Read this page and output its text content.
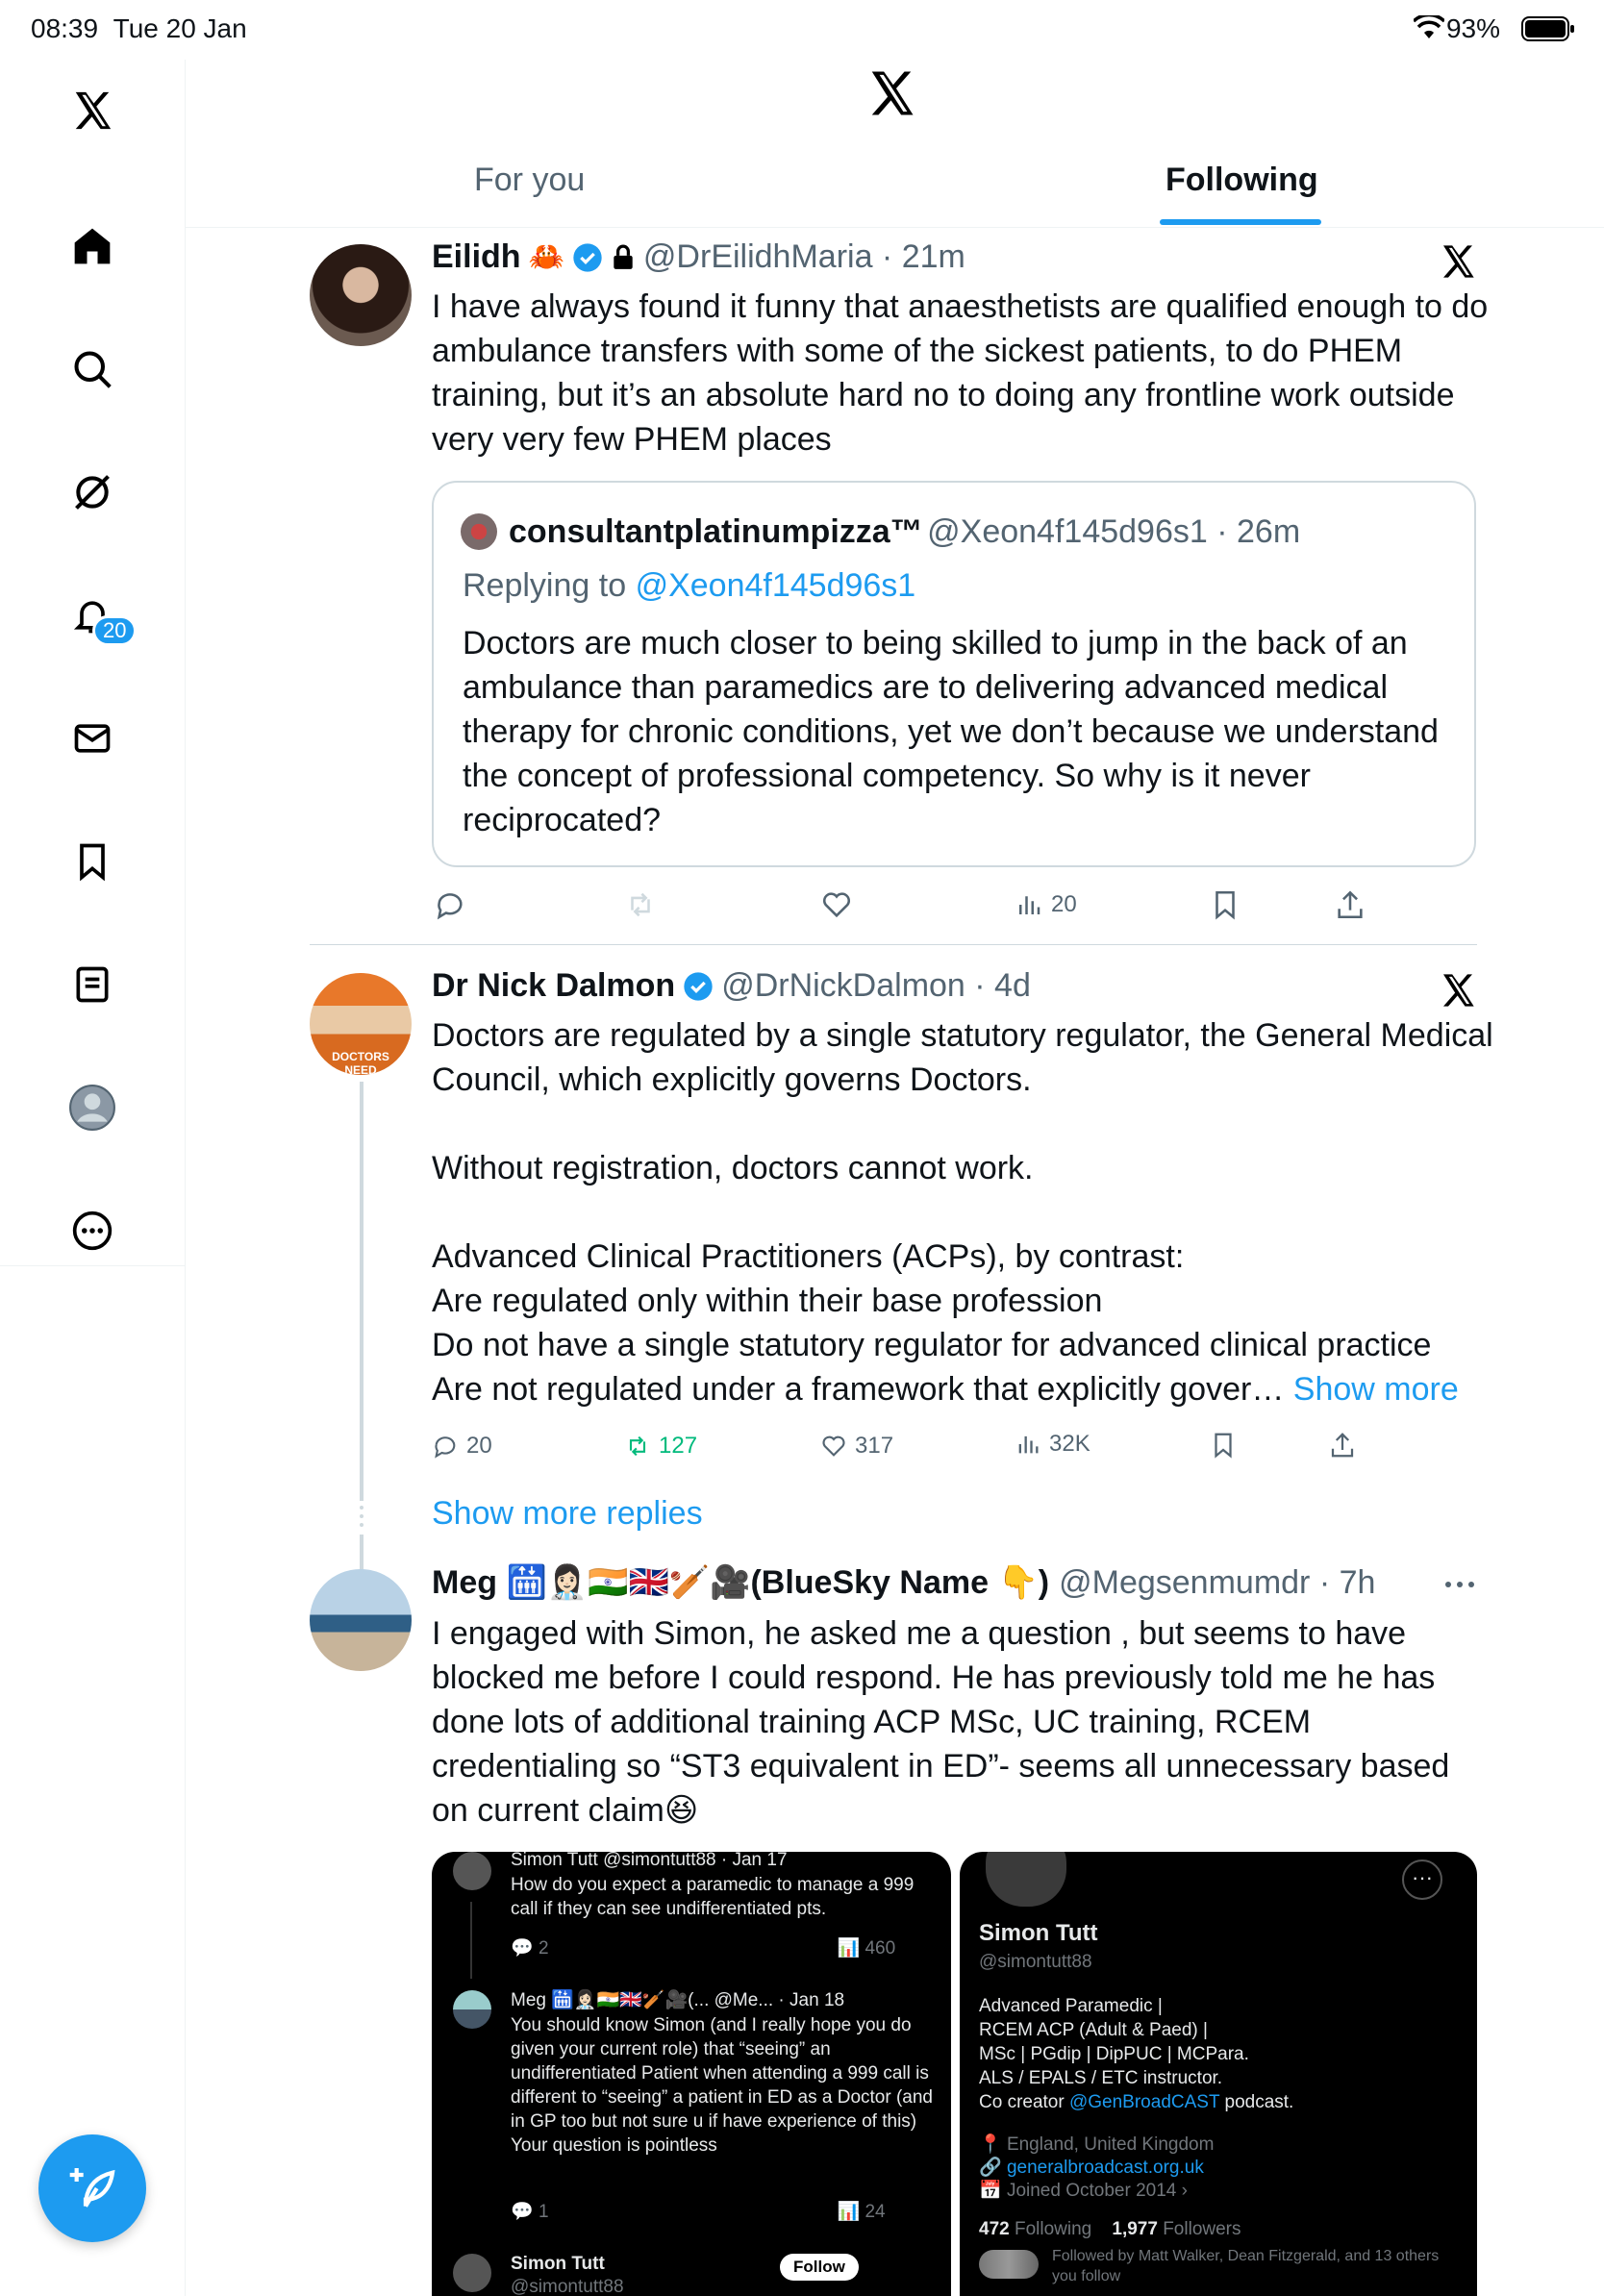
08:39 Tue 20 Jan	93%
20
For you	Following
Eilidh 🦀 @DrEilidhMaria · 21m
I have always found it funny that anaesthetists are qualified enough to do ambulance transfers with some of the sickest patients, to do PHEM training, but it’s an absolute hard no to doing any frontline work outside very very few PHEM places
consultantplatinumpizza™ @Xeon4f145d96s1 · 26m
Replying to @Xeon4f145d96s1
Doctors are much closer to being skilled to jump in the back of an ambulance than paramedics are to delivering advanced medical therapy for chronic conditions, yet we don’t because we understand the concept of professional competency. So why is it never reciprocated?
20
DOCTORS NEED
Dr Nick Dalmon @DrNickDalmon · 4d
Doctors are regulated by a single statutory regulator, the General Medical Council, which explicitly governs Doctors.

Without registration, doctors cannot work.

Advanced Clinical Practitioners (ACPs), by contrast:
Are regulated only within their base profession
Do not have a single statutory regulator for advanced clinical practice
Are not regulated under a framework that explicitly gover… Show more
20	127	317	32K
Show more replies
Meg 🛗👩🏻‍⚕️🇮🇳🇬🇧🏏🎥(BlueSky Name 👇) @Megsenmumdr · 7h
I engaged with Simon, he asked me a question , but seems to have blocked me before I could respond. He has previously told me he has done lots of additional training ACP MSc, UC training, RCEM credentialing so “ST3 equivalent in ED”- seems all unnecessary based on current claim😆
Simon Tutt @simontutt88 · Jan 17
How do you expect a paramedic to manage a 999 call if they can see undifferentiated pts.
💬 2	📊 460
Meg 🛗👩🏻‍⚕️🇮🇳🇬🇧🏏🎥(... @Me... · Jan 18
You should know Simon (and I really hope you do given your current role) that “seeing” an undifferentiated Patient when attending a 999 call is different to “seeing” a patient in ED as a Doctor (and in GP too but not sure u if have experience of this)
Your question is pointless
💬 1	📊 24
Simon Tutt
@simontutt88
Follow
···
Simon Tutt
@simontutt88
Advanced Paramedic |
RCEM ACP (Adult & Paed) |
MSc | PGdip | DipPUC | MCPara.
ALS / EPALS / ETC instructor.
Co creator @GenBroadCAST podcast.
📍 England, United Kingdom
🔗 generalbroadcast.org.uk
📅 Joined October 2014 ›
472 Following 1,977 Followers
Followed by Matt Walker, Dean Fitzgerald, and 13 others you follow
